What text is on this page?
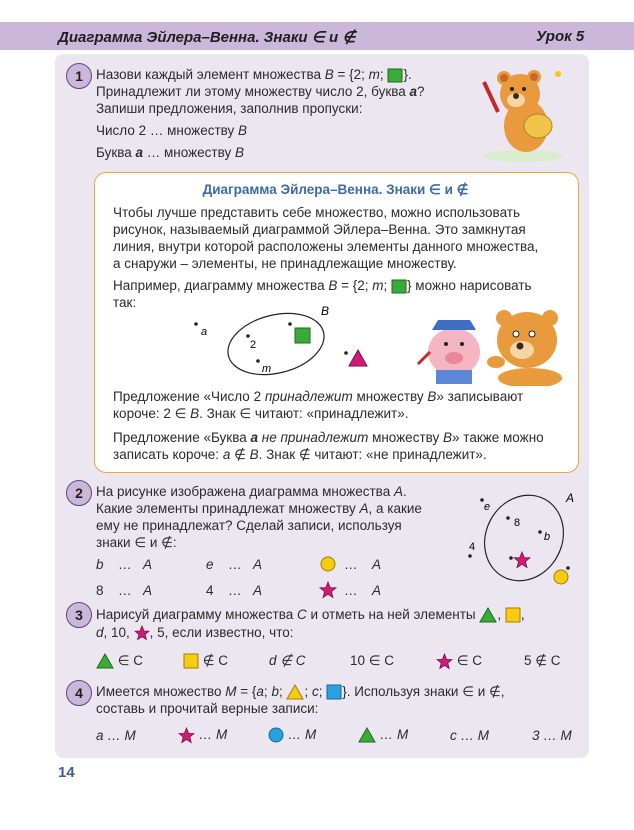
Диаграмма Эйлера–Венна. Знаки ∈ и ∉	Урок 5
1 Назови каждый элемент множества B = {2; m; }.
Принадлежит ли этому множеству число 2, буква a?
Запиши предложения, заполнив пропуски:
Число 2 … множеству B
Буква a … множеству B
Диаграмма Эйлера–Венна. Знаки ∈ и ∉
Чтобы лучше представить себе множество, можно использовать
рисунок, называемый диаграммой Эйлера–Венна. Это замкнутая
линия, внутри которой расположены элементы данного множества,
а снаружи – элементы, не принадлежащие множеству.
Например, диаграмму множества B = {2; m; } можно нарисовать
так:
a
2
m
B
Предложение «Число 2 принадлежит множеству B» записывают
короче: 2 ∈ B. Знак ∈ читают: «принадлежит».
Предложение «Буква a не принадлежит множеству B» также можно
записать короче: a ∉ B. Знак ∉ читают: «не принадлежит».
2 На рисунке изображена диаграмма множества A.
Какие элементы принадлежат множеству A, а какие
ему не принадлежат? Сделай записи, используя
знаки ∈ и ∉:
b … A	e … A	… A
8 … A	4 … A	… A
A
e
8
b
4
3 Нарисуй диаграмму множества C и отметь на ней элементы , ,
d, 10, , 5, если известно, что:
∈ C	∉ C	d ∉ C	10 ∈ C	∈ C	5 ∉ C
4 Имеется множество M = {a; b; ; c; }. Используя знаки ∈ и ∉,
составь и прочитай верные записи:
a … M	… M	… M	… M	c … M	3 … M
14
